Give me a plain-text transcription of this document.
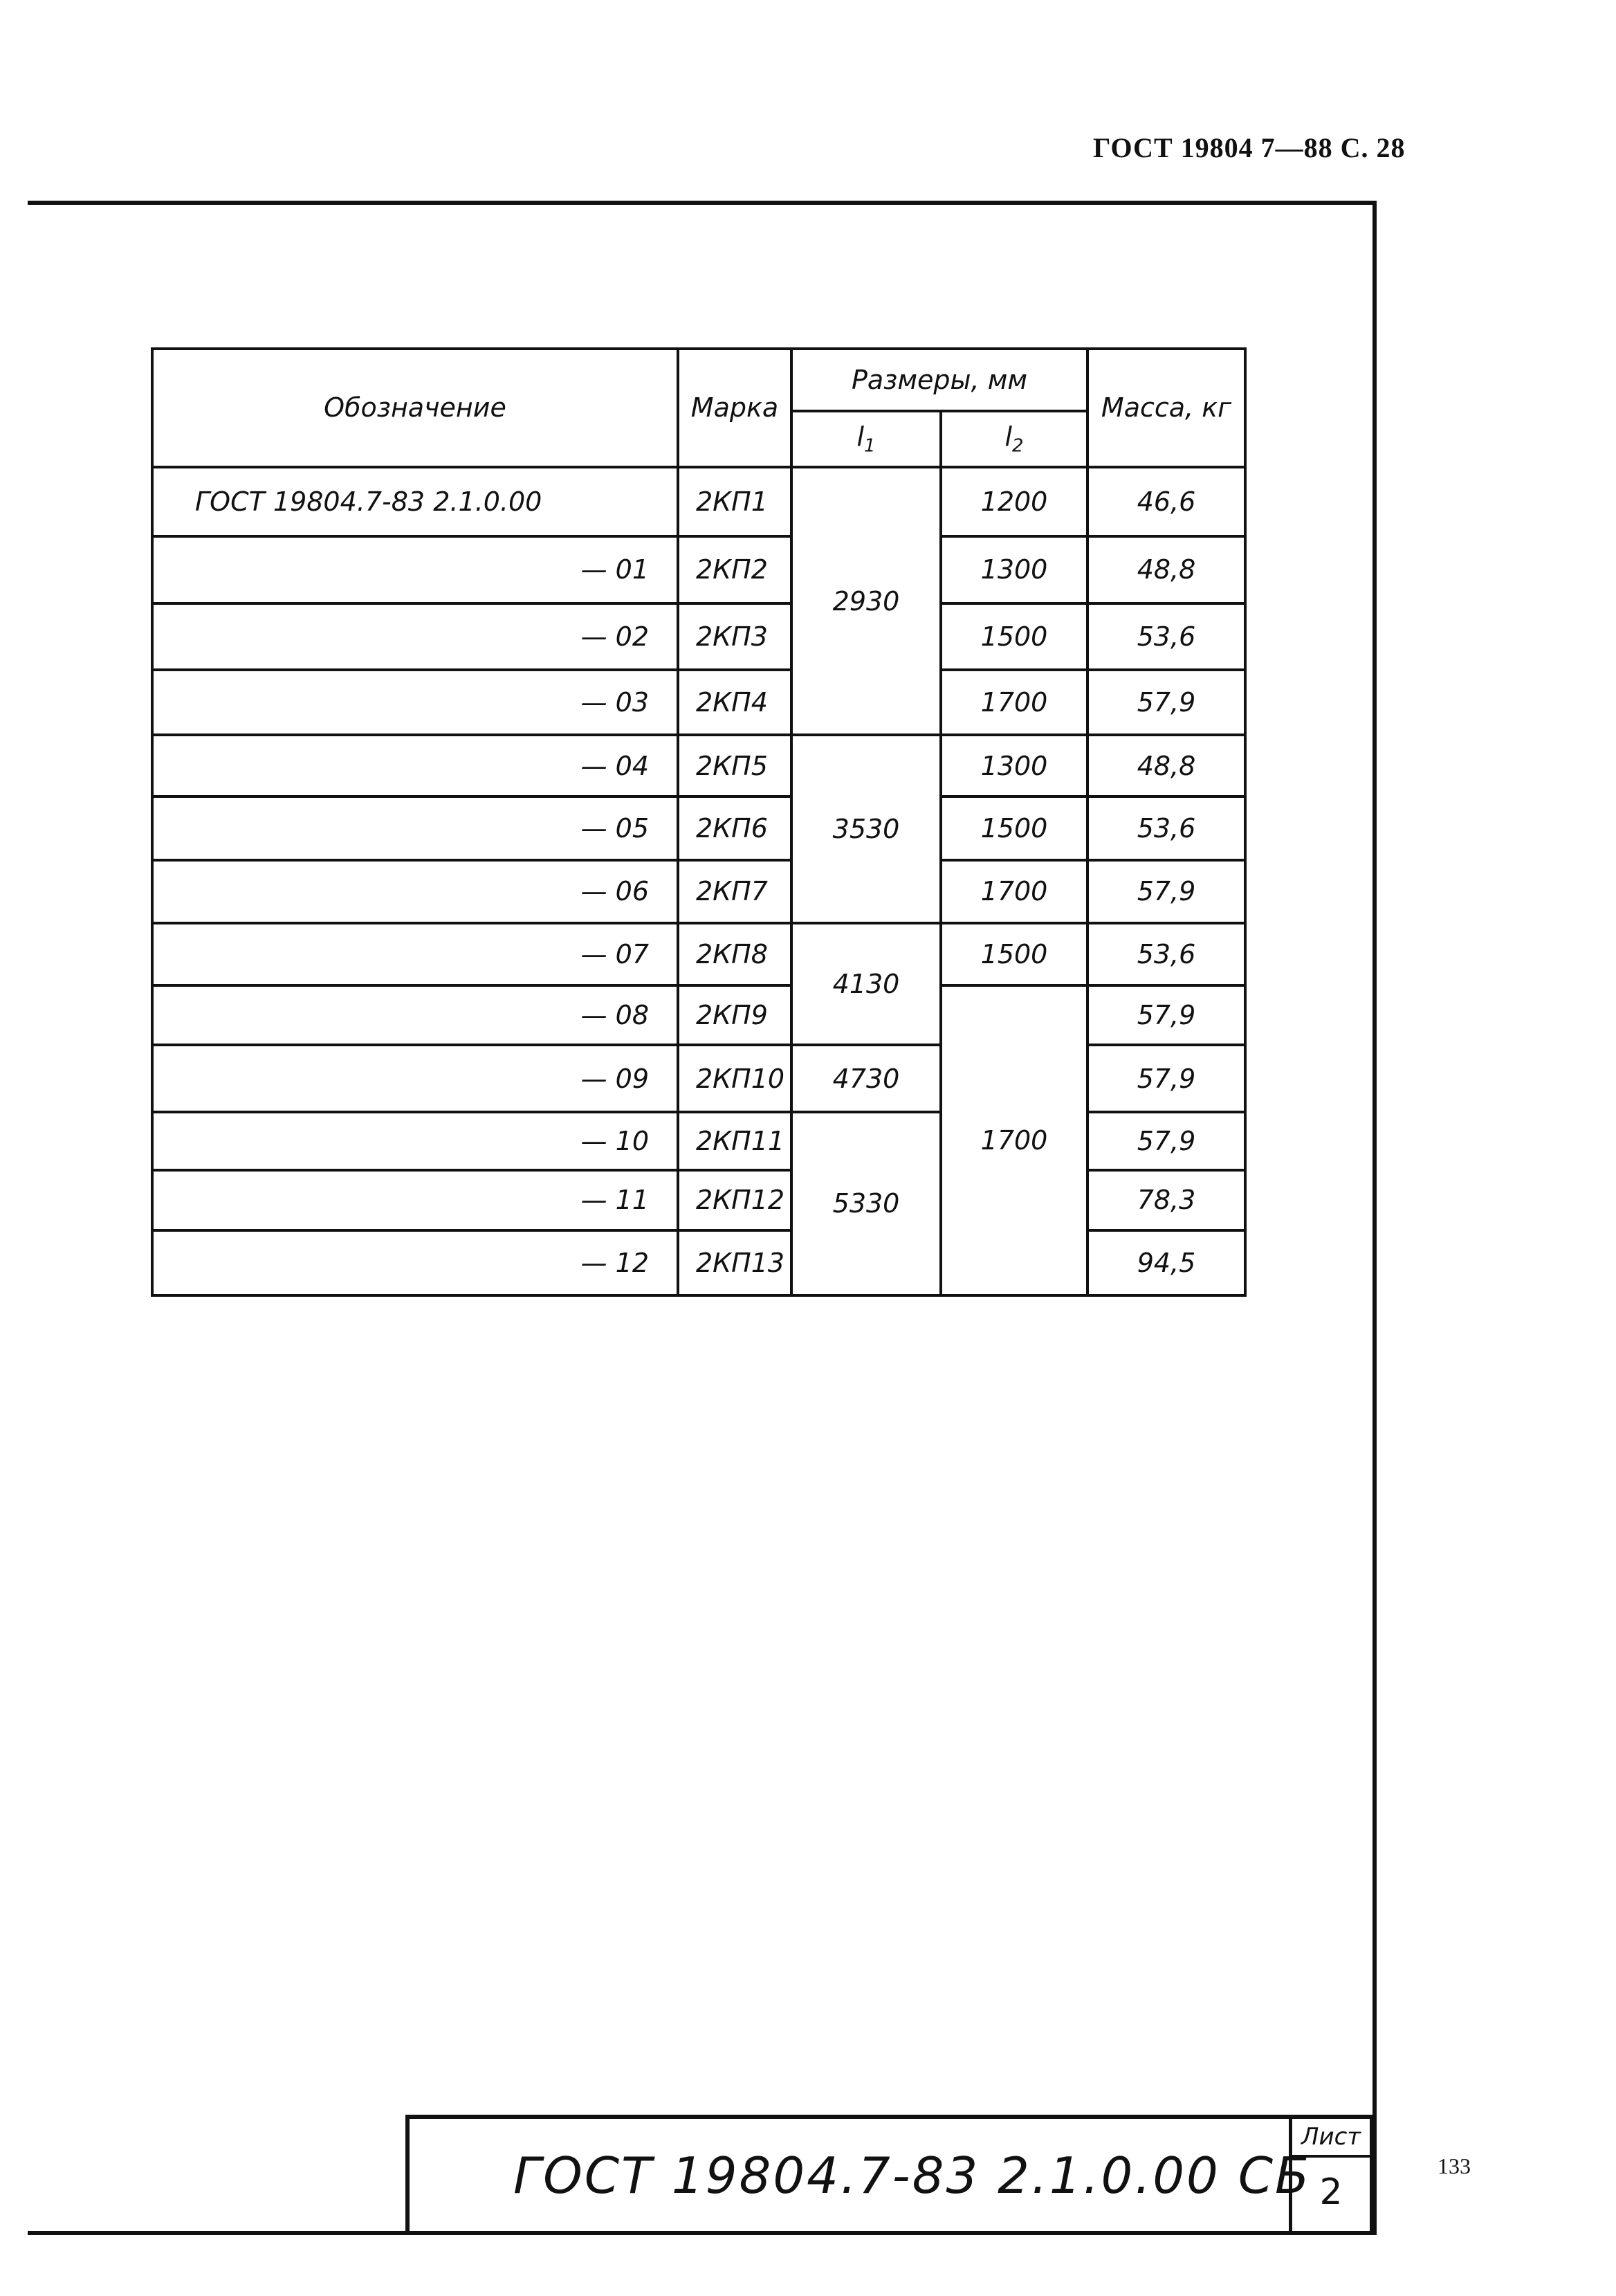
ГОСТ 19804 7—88 С. 28
Обозначение	Марка	Размеры, мм		Масса, кг
		$l_1$	$l_2$
ГОСТ 19804.7-83 2.1.0.00	2КП1	2930	1200	46,6
— 01	2КП2		1300	48,8
— 02	2КП3		1500	53,6
— 03	2КП4		1700	57,9
— 04	2КП5	3530	1300	48,8
— 05	2КП6		1500	53,6
— 06	2КП7		1700	57,9
— 07	2КП8	4130	1500	53,6
— 08	2КП9		1700	57,9
— 09	2КП10	4730		57,9
— 10	2КП11	5330		57,9
— 11	2КП12			78,3
— 12	2КП13			94,5
ГОСТ 19804.7-83 2.1.0.00 СБ
Лист
2
133
